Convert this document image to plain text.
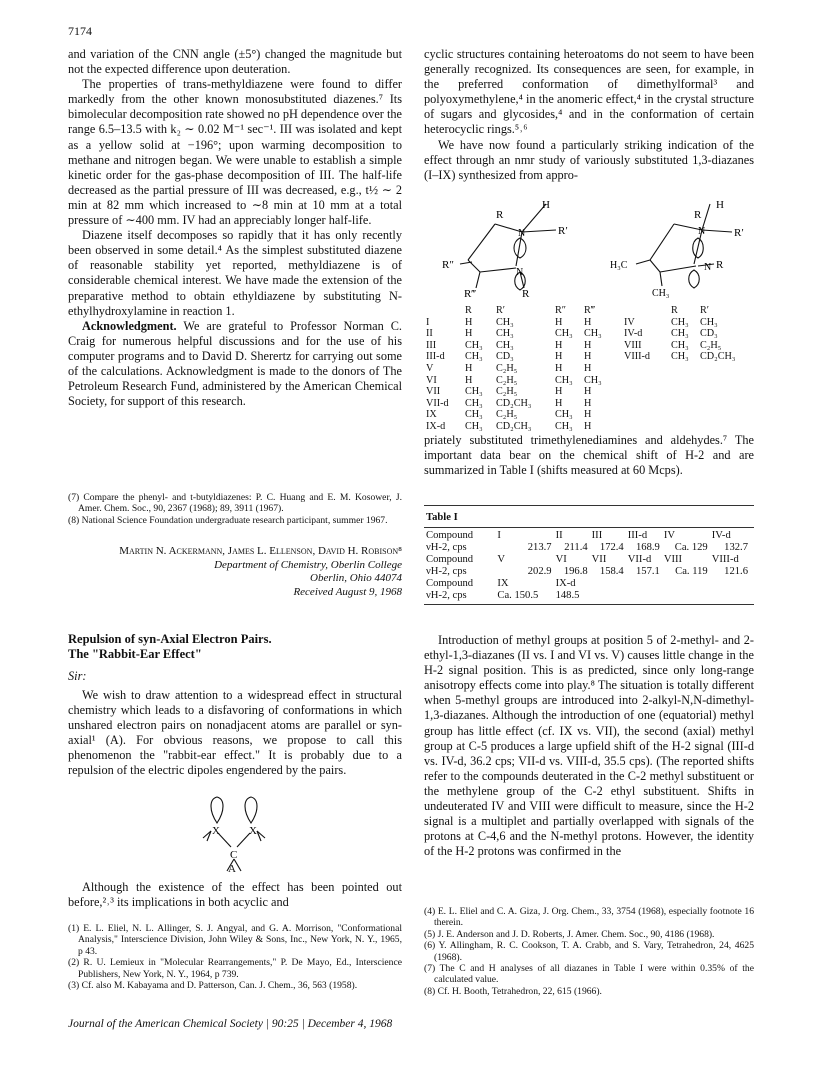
7174

and variation of the CNN angle (±5°) changed the magnitude but not the expected difference upon deuteration.

The properties of trans-methyldiazene were found to differ markedly from the other known monosubstituted diazenes.⁷ Its bimolecular decomposition rate showed no pH dependence over the range 6.5–13.5 with k₂ ∼ 0.02 M⁻¹ sec⁻¹. III was isolated and kept as a yellow solid at −196°; upon warming decomposition to methane and nitrogen began. We were unable to establish a simple kinetic order for the gas-phase decomposition of III. The half-life decreased as the partial pressure of III was decreased, e.g., t½ ∼ 2 min at 82 mm which increased to ∼8 min at 10 mm at a total pressure of ∼400 mm. IV had an appreciably longer half-life.

Diazene itself decomposes so rapidly that it has only recently been observed in some detail.⁴ As the simplest substituted diazene of reasonable stability yet reported, methyldiazene is of considerable chemical interest. We have made the extension of the preparative method to obtain ethyldiazene by substituting N-ethylhydroxylamine in reaction 1.

Acknowledgment. We are grateful to Professor Norman C. Craig for numerous helpful discussions and for the use of his computer programs and to David D. Sherertz for carrying out some of the calculations. Acknowledgment is made to the donors of The Petroleum Research Fund, administered by the American Chemical Society, for support of this research.

(7) Compare the phenyl- and t-butyldiazenes: P. C. Huang and E. M. Kosower, J. Amer. Chem. Soc., 90, 2367 (1968); 89, 3911 (1967).

(8) National Science Foundation undergraduate research participant, summer 1967.

Martin N. Ackermann, James L. Ellenson, David H. Robison⁸
Department of Chemistry, Oberlin College
Oberlin, Ohio 44074
Received August 9, 1968
Repulsion of syn-Axial Electron Pairs.
The "Rabbit-Ear Effect"
Sir:

We wish to draw attention to a widespread effect in structural chemistry which leads to a disfavoring of conformations in which unshared electron pairs on nonadjacent atoms are parallel or syn-axial¹ (A). For obvious reasons, we propose to call this phenomenon the "rabbit-ear effect." It is probably due to a repulsion of the electric dipoles engendered by the pairs.

X	X
C
A

Although the existence of the effect has been pointed out before,²˒³ its implications in both acyclic and

(1) E. L. Eliel, N. L. Allinger, S. J. Angyal, and G. A. Morrison, "Conformational Analysis," Interscience Division, John Wiley & Sons, Inc., New York, N. Y., 1965, p 43.

(2) R. U. Lemieux in "Molecular Rearrangements," P. De Mayo, Ed., Interscience Publishers, New York, N. Y., 1964, p 739.

(3) Cf. also M. Kabayama and D. Patterson, Can. J. Chem., 36, 563 (1958).

cyclic structures containing heteroatoms do not seem to have been generally recognized. Its consequences are seen, for example, in the preferred conformation of dimethylformal³ and polyoxymethylene,⁴ in the anomeric effect,⁴ in the crystal structure of sugars and glycosides,⁴ and in the conformation of certain heterocyclic rings.⁵˒⁶

We have now found a particularly striking indication of the effect through an nmr study of variously substituted 1,3-diazanes (I–IX) synthesized from appro-

R
H
R′
N
N
R″
R‴	R
R
H
R′
N
N R
H₃C
CH₃
	R	R′	R″	R‴
I	H	CH₃	H	H
II	H	CH₃	CH₃	CH₃
III	CH₃	CH₃	H	H
III-d	CH₃	CD₃	H	H
V	H	C₂H₅	H	H
VI	H	C₂H₅	CH₃	CH₃
VII	CH₃	C₂H₅	H	H
VII-d	CH₃	CD₂CH₃	H	H
IX	CH₃	C₂H₅	CH₃	H
IX-d	CH₃	CD₂CH₃	CH₃	H
	R	R′
IV	CH₃	CH₃
IV-d	CH₃	CD₃
VIII	CH₃	C₂H₅
VIII-d	CH₃	CD₂CH₃

priately substituted trimethylenediamines and aldehydes.⁷ The important data bear on the chemical shift of H-2 and are summarized in Table I (shifts measured at 60 Mcps).

Table I
Compound	I	II	III	III-d	IV	IV-d
νH-2, cps	213.7	211.4	172.4	168.9	Ca. 129	132.7
Compound	V	VI	VII	VII-d	VIII	VIII-d
νH-2, cps	202.9	196.8	158.4	157.1	Ca. 119	121.6
Compound	IX	IX-d				
νH-2, cps	Ca. 150.5	148.5				

Introduction of methyl groups at position 5 of 2-methyl- and 2-ethyl-1,3-diazanes (II vs. I and VI vs. V) causes little change in the H-2 signal position. This is as predicted, since only long-range anisotropy effects come into play.⁸ The situation is totally different when 5-methyl groups are introduced into 2-alkyl-N,N-dimethyl-1,3-diazanes. Although the introduction of one (equatorial) methyl group has little effect (cf. IX vs. VII), the second (axial) methyl group at C-5 produces a large upfield shift of the H-2 signal (III-d vs. IV-d, 36.2 cps; VII-d vs. VIII-d, 35.5 cps). (The reported shifts refer to the compounds deuterated in the C-2 methyl substituent or the methylene group of the C-2 ethyl substituent. Shifts in undeuterated IV and VIII were difficult to measure, since the H-2 signal is a multiplet and partially overlapped with signals of the protons at C-4,6 and the N-methyl protons. However, the identity of the H-2 protons was confirmed in the

(4) E. L. Eliel and C. A. Giza, J. Org. Chem., 33, 3754 (1968), especially footnote 16 therein.

(5) J. E. Anderson and J. D. Roberts, J. Amer. Chem. Soc., 90, 4186 (1968).

(6) Y. Allingham, R. C. Cookson, T. A. Crabb, and S. Vary, Tetrahedron, 24, 4625 (1968).

(7) The C and H analyses of all diazanes in Table I were within 0.35% of the calculated value.

(8) Cf. H. Booth, Tetrahedron, 22, 615 (1966).

Journal of the American Chemical Society | 90:25 | December 4, 1968
